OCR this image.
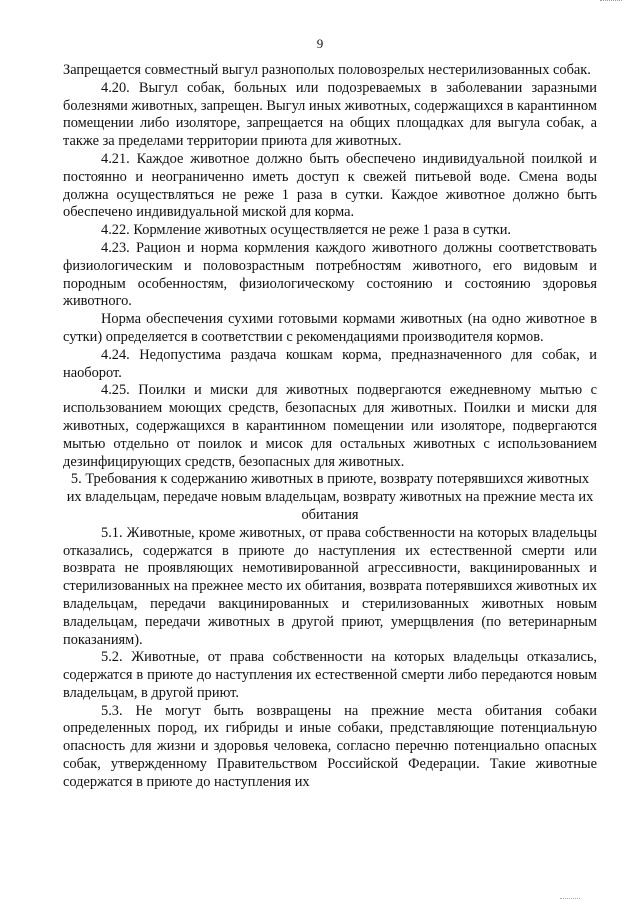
9

Запрещается совместный выгул разнополых половозрелых нестерилизованных собак.

4.20. Выгул собак, больных или подозреваемых в заболевании заразными болезнями животных, запрещен. Выгул иных животных, содержащихся в карантинном помещении либо изоляторе, запрещается на общих площадках для выгула собак, а также за пределами территории приюта для животных.

4.21. Каждое животное должно быть обеспечено индивидуальной поилкой и постоянно и неограниченно иметь доступ к свежей питьевой воде. Смена воды должна осуществляться не реже 1 раза в сутки. Каждое животное должно быть обеспечено индивидуальной миской для корма.

4.22. Кормление животных осуществляется не реже 1 раза в сутки.

4.23. Рацион и норма кормления каждого животного должны соответствовать физиологическим и половозрастным потребностям животного, его видовым и породным особенностям, физиологическому состоянию и состоянию здоровья животного.

Норма обеспечения сухими готовыми кормами животных (на одно животное в сутки) определяется в соответствии с рекомендациями производителя кормов.

4.24. Недопустима раздача кошкам корма, предназначенного для собак, и наоборот.

4.25. Поилки и миски для животных подвергаются ежедневному мытью с использованием моющих средств, безопасных для животных. Поилки и миски для животных, содержащихся в карантинном помещении или изоляторе, подвергаются мытью отдельно от поилок и мисок для остальных животных с использованием дезинфицирующих средств, безопасных для животных.

5. Требования к содержанию животных в приюте, возврату потерявшихся животных их владельцам, передаче новым владельцам, возврату животных на прежние места их обитания

5.1. Животные, кроме животных, от права собственности на которых владельцы отказались, содержатся в приюте до наступления их естественной смерти или возврата не проявляющих немотивированной агрессивности, вакцинированных и стерилизованных на прежнее место их обитания, возврата потерявшихся животных их владельцам, передачи вакцинированных и стерилизованных животных новым владельцам, передачи животных в другой приют, умерщвления (по ветеринарным показаниям).

5.2. Животные, от права собственности на которых владельцы отказались, содержатся в приюте до наступления их естественной смерти либо передаются новым владельцам, в другой приют.

5.3. Не могут быть возвращены на прежние места обитания собаки определенных пород, их гибриды и иные собаки, представляющие потенциальную опасность для жизни и здоровья человека, согласно перечню потенциально опасных собак, утвержденному Правительством Российской Федерации. Такие животные содержатся в приюте до наступления их
